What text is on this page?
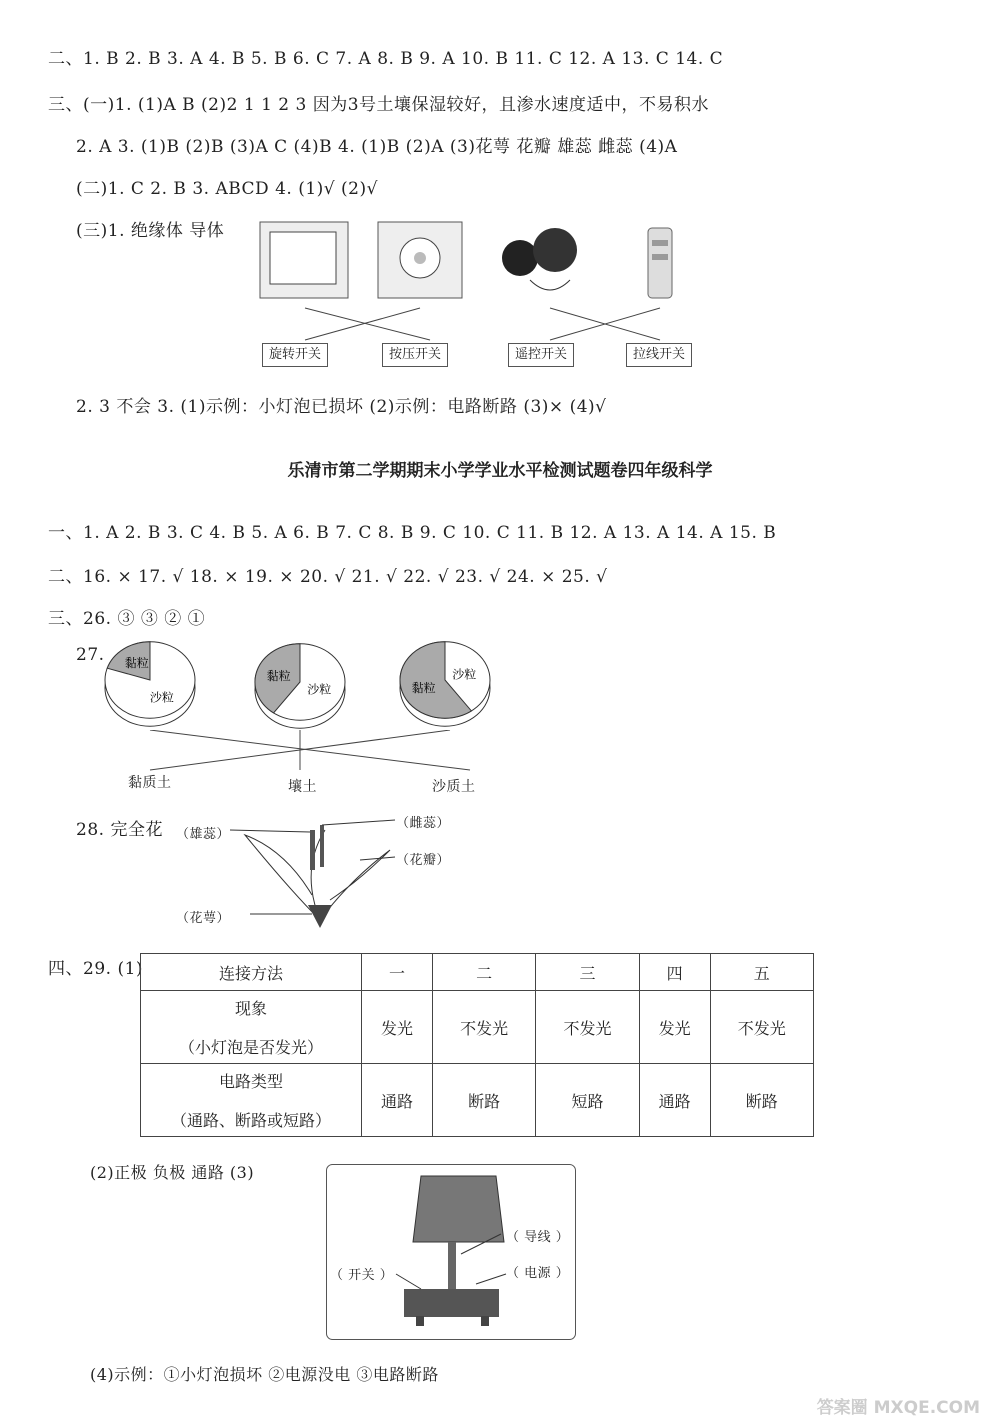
二、1. B 2. B 3. A 4. B 5. B 6. C 7. A 8. B 9. A 10. B 11. C 12. A 13. C 14. C
三、(一)1. (1)A B (2)2 1 1 2 3 因为3号土壤保湿较好，且渗水速度适中，不易积水
2. A 3. (1)B (2)B (3)A C (4)B 4. (1)B (2)A (3)花萼 花瓣 雄蕊 雌蕊 (4)A
(二)1. C 2. B 3. ABCD 4. (1)√ (2)√
(三)1. 绝缘体 导体
旋转开关	按压开关	遥控开关	拉线开关
2. 3 不会 3. (1)示例：小灯泡已损坏 (2)示例：电路断路 (3)× (4)√
乐清市第二学期期末小学学业水平检测试题卷四年级科学
一、1. A 2. B 3. C 4. B 5. A 6. B 7. C 8. B 9. C 10. C 11. B 12. A 13. A 14. A 15. B
二、16. × 17. √ 18. × 19. × 20. √ 21. √ 22. √ 23. √ 24. × 25. √
三、26. ③ ③ ② ①
27. 黏粒
沙粒
黏粒
沙粒	黏粒
沙粒
黏质土	壤土	沙质土
28. 完全花 （雄蕊）
（雌蕊）
（花瓣）
（花萼）
四、29. (1)	连接方法	一	二	三	四	五

现象
（小灯泡是否发光）	发光	不发光	不发光	发光	不发光

电路类型
（通路、断路或短路）	通路	断路	短路	通路	断路
(2)正极 负极 通路 (3)
（ 导线 ）
（ 开关 ）	（ 电源 ）
(4)示例：①小灯泡损坏 ②电源没电 ③电路断路
答案圈 MXQE.COM
